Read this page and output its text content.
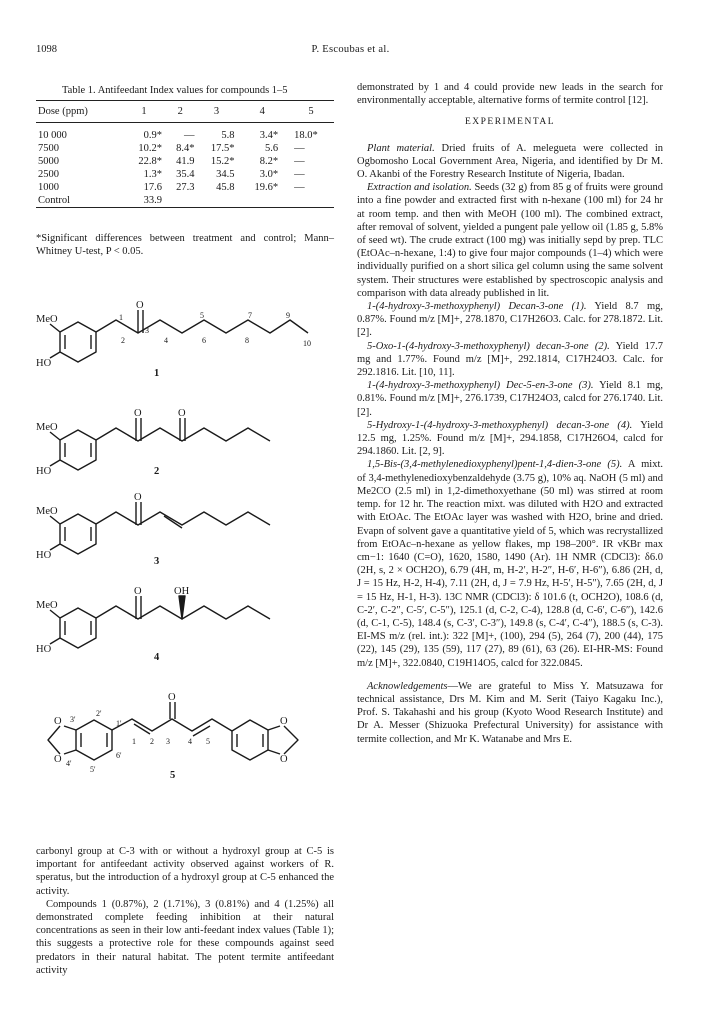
1098	P. Escoubas et al.
Table 1. Antifeedant Index values for compounds 1–5
Dose (ppm)	1	2	3	4	5
10 000	0.9*	—	5.8	3.4*	18.0*
7500	10.2*	8.4*	17.5*	5.6	—
5000	22.8*	41.9	15.2*	8.2*	—
2500	1.3*	35.4	34.5	3.0*	—
1000	17.6	27.3	45.8	19.6*	—
Control	33.9				
*Significant differences between treatment and control; Mann–Whitney U-test, P < 0.05.
MeO
HO
O
1
2
3
4
5
6
7
8
9
10
1
MeO
HO
O	O
2
MeO
HO
O
3
MeO
HO
O	OH
4
O
O
O
O
O
1 2 3 4 5
2'
3'
4'
5'
6'
1'
5

carbonyl group at C-3 with or without a hydroxyl group at C-5 is important for antifeedant activity observed against workers of R. speratus, but the introduction of a hydroxyl group at C-5 enhanced the activity.

Compounds 1 (0.87%), 2 (1.71%), 3 (0.81%) and 4 (1.25%) all demonstrated complete feeding inhibition at their natural concentrations as seen in their low anti-feedant index values (Table 1); this suggests a protective role for these compounds against seed predators in their natural habitat. The potent termite antifeedant activity

demonstrated by 1 and 4 could provide new leads in the search for environmentally acceptable, alternative forms of termite control [12].

EXPERIMENTAL

Plant material. Dried fruits of A. melegueta were collected in Ogbomosho Local Government Area, Nigeria, and identified by Dr M. O. Akanbi of the Forestry Research Institute of Nigeria, Ibadan.

Extraction and isolation. Seeds (32 g) from 85 g of fruits were ground into a fine powder and extracted first with n-hexane (100 ml) for 24 hr at room temp. and then with MeOH (100 ml). The combined extract, after removal of solvent, yielded a pungent pale yellow oil (1.85 g, 5.8% of seed wt). The crude extract (100 mg) was initially sepd by prep. TLC (EtOAc–n-hexane, 1:4) to give four major compounds (1–4) which were individually purified on a short silica gel column using the same solvent system. Their structures were established by spectroscopic analysis and comparison with data already published in lit.

1-(4-hydroxy-3-methoxyphenyl) Decan-3-one (1). Yield 8.7 mg, 0.87%. Found m/z [M]+, 278.1870, C17H26O3. Calc. for 278.1872. Lit. [2].

5-Oxo-1-(4-hydroxy-3-methoxyphenyl) decan-3-one (2). Yield 17.7 mg and 1.77%. Found m/z [M]+, 292.1814, C17H24O3. Calc. for 292.1816. Lit. [10, 11].

1-(4-hydroxy-3-methoxyphenyl) Dec-5-en-3-one (3). Yield 8.1 mg, 0.81%. Found m/z [M]+, 276.1739, C17H24O3, calcd for 276.1740. Lit. [2].

5-Hydroxy-1-(4-hydroxy-3-methoxyphenyl) decan-3-one (4). Yield 12.5 mg, 1.25%. Found m/z [M]+, 294.1858, C17H26O4, calcd for 294.1860. Lit. [2, 9].

1,5-Bis-(3,4-methylenedioxyphenyl)pent-1,4-dien-3-one (5). A mixt. of 3,4-methylenedioxybenzaldehyde (3.75 g), 10% aq. NaOH (5 ml) and Me2CO (2.5 ml) in 1,2-dimethoxyethane (50 ml) was stirred at room temp. for 12 hr. The reaction mixt. was diluted with H2O and extracted with EtOAc. The EtOAc layer was washed with H2O, brine and dried. Evapn of solvent gave a quantitative yield of 5, which was recrystallized from EtOAc–n-hexane as yellow flakes, mp 198–200°. IR νKBr max cm−1: 1640 (C=O), 1620, 1580, 1490 (Ar). 1H NMR (CDCl3): δ6.0 (2H, s, 2 × OCH2O), 6.79 (4H, m, H-2′, H-2″, H-6′, H-6″), 6.86 (2H, d, J = 15 Hz, H-2, H-4), 7.11 (2H, d, J = 7.9 Hz, H-5′, H-5″), 7.65 (2H, d, J = 15 Hz, H-1, H-3). 13C NMR (CDCl3): δ 101.6 (t, OCH2O), 108.6 (d, C-2′, C-2″, C-5′, C-5″), 125.1 (d, C-2, C-4), 128.8 (d, C-6′, C-6″), 142.6 (d, C-1, C-5), 148.4 (s, C-3′, C-3″), 149.8 (s, C-4′, C-4″), 188.5 (s, C-3). EI-MS m/z (rel. int.): 322 [M]+, (100), 294 (5), 264 (7), 200 (44), 175 (22), 145 (29), 135 (59), 117 (27), 89 (61), 63 (26). EI-HR-MS: Found m/z [M]+, 322.0840, C19H14O5, calcd for 322.0845.

Acknowledgements—We are grateful to Miss Y. Matsuzawa for technical assistance, Drs M. Kim and M. Serit (Taiyo Kagaku Inc.), Prof. S. Takahashi and his group (Kyoto Wood Research Institute) and Dr A. Messer (Shizuoka Prefectural University) for assistance with termite collection, and Mr K. Watanabe and Mrs E.
